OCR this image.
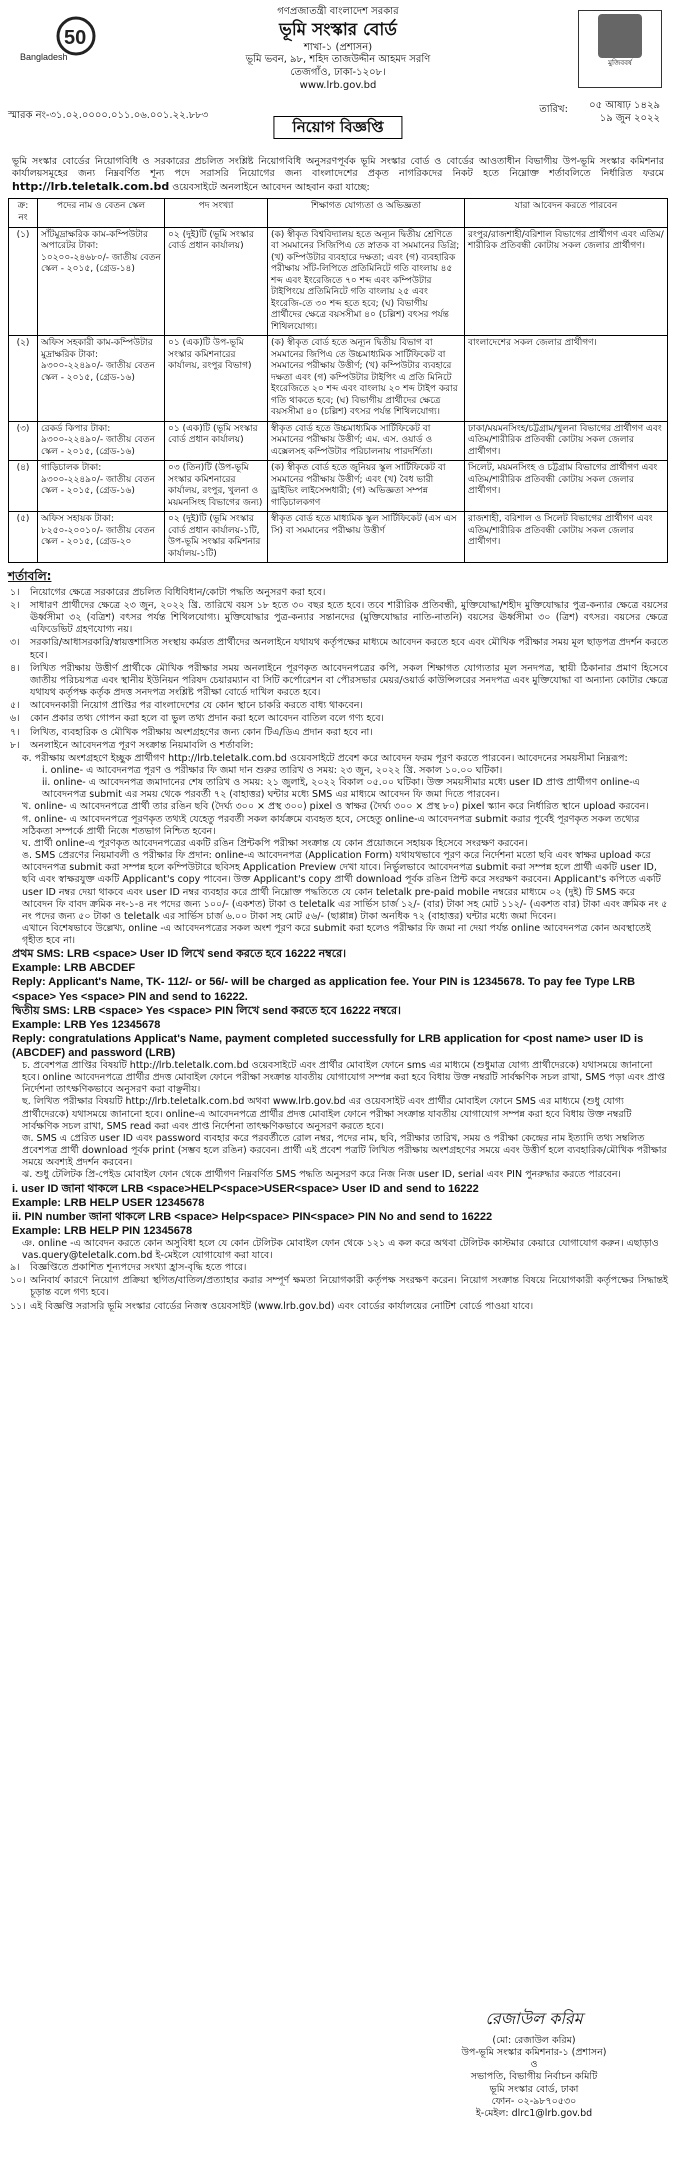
50
Bangladesh
মুজিববর্ষ
গণপ্রজাতন্ত্রী বাংলাদেশ সরকার
ভূমি সংস্কার বোর্ড
শাখা-১ (প্রশাসন)
ভূমি ভবন, ৯৮, শহিদ তাজউদ্দীন আহমদ সরণি
তেজগাঁও, ঢাকা-১২০৮।
www.lrb.gov.bd
স্মারক নং-৩১.০২.০০০০.০১১.০৬.০০১.২২.৮৮৩
তারিখ: ০৫ আষাঢ় ১৪২৯
১৯ জুন ২০২২
নিয়োগ বিজ্ঞপ্তি
ভূমি সংস্কার বোর্ডের নিয়োগবিধি ও সরকারের প্রচলিত সংশ্লিষ্ট নিয়োগবিধি অনুসরণপূর্বক ভূমি সংস্কার বোর্ড ও বোর্ডের আওতাধীন বিভাগীয় উপ-ভূমি সংস্কার কমিশনার কার্যালয়সমূহের জন্য নিম্নবর্ণিত শূন্য পদে সরাসরি নিয়োগের জন্য বাংলাদেশের প্রকৃত নাগরিকদের নিকট হতে নিম্নোক্ত শর্তাবলিতে নির্ধারিত ফরমে http://lrb.teletalk.com.bd ওয়েবসাইটে অনলাইনে আবেদন আহবান করা যাচ্ছে:
ক্র: নং	পদের নাম ও বেতন স্কেল	পদ সংখ্যা	শিক্ষাগত যোগ্যতা ও অভিজ্ঞতা	যারা আবেদন করতে পারবেন
(১)	সাঁটমুদ্রাক্ষরিক কাম-কম্পিউটার অপারেটর টাকা: ১০২০০-২৪৬৮০/- জাতীয় বেতন স্কেল - ২০১৫, (গ্রেড-১৪)	০২ (দুই)টি (ভূমি সংস্কার বোর্ড প্রধান কার্যালয়)	(ক) স্বীকৃত বিশ্ববিদ্যালয় হতে অন্যূন দ্বিতীয় শ্রেণিতে বা সমমানের সিজিপিএ তে স্নাতক বা সমমানের ডিগ্রি; (খ) কম্পিউটার ব্যবহারে দক্ষতা; এবং (গ) ব্যবহারিক পরীক্ষায় সাঁট-লিপিতে প্রতিমিনিটে গতি বাংলায় ৪৫ শব্দ এবং ইংরেজিতে ৭০ শব্দ এবং কম্পিউটার টাইপিংয়ে প্রতিমিনিটে গতি বাংলায় ২৫ এবং ইংরেজি-তে ৩০ শব্দ হতে হবে; (ঘ) বিভাগীয় প্রার্থীদের ক্ষেত্রে বয়সসীমা ৪০ (চল্লিশ) বৎসর পর্যন্ত শিথিলযোগ্য।	রংপুর/রাজশাহী/বরিশাল বিভাগের প্রার্থীগণ এবং এতিম/শারীরিক প্রতিবন্ধী কোটায় সকল জেলার প্রার্থীগণ।
(২)	অফিস সহকারী কাম-কম্পিউটার মুদ্রাক্ষরিক টাকা: ৯৩০০-২২৪৯০/- জাতীয় বেতন স্কেল - ২০১৫, (গ্রেড-১৬)	০১ (এক)টি উপ-ভূমি সংস্কার কমিশনারের কার্যালয়, রংপুর বিভাগ)	(ক) স্বীকৃত বোর্ড হতে অন্যূন দ্বিতীয় বিভাগ বা সমমানের জিপিএ তে উচ্চমাধ্যমিক সার্টিফিকেট বা সমমানের পরীক্ষায় উত্তীর্ণ; (খ) কম্পিউটার ব্যবহারে দক্ষতা এবং (গ) কম্পিউটার টাইপিং এ প্রতি মিনিটে ইংরেজিতে ২০ শব্দ এবং বাংলায় ২০ শব্দ টাইপ করার গতি থাকতে হবে; (ঘ) বিভাগীয় প্রার্থীদের ক্ষেত্রে বয়সসীমা ৪০ (চল্লিশ) বৎসর পর্যন্ত শিথিলযোগ্য।	বাংলাদেশের সকল জেলার প্রার্থীগণ।
(৩)	রেকর্ড কিপার টাকা: ৯৩০০-২২৪৯০/- জাতীয় বেতন স্কেল - ২০১৫, (গ্রেড-১৬)	০১ (এক)টি (ভূমি সংস্কার বোর্ড প্রধান কার্যালয়)	স্বীকৃত বোর্ড হতে উচ্চমাধ্যমিক সার্টিফিকেট বা সমমানের পরীক্ষায় উত্তীর্ণ; এম. এস. ওয়ার্ড ও এক্সেলসহ কম্পিউটার পরিচালনায় পারদর্শিতা।	ঢাকা/ময়মনসিংহ/চট্টগ্রাম/খুলনা বিভাগের প্রার্থীগণ এবং এতিম/শারীরিক প্রতিবন্ধী কোটায় সকল জেলার প্রার্থীগণ।
(৪)	গাড়িচালক টাকা: ৯৩০০-২২৪৯০/- জাতীয় বেতন স্কেল - ২০১৫, (গ্রেড-১৬)	০৩ (তিন)টি (উপ-ভূমি সংস্কার কমিশনারের কার্যালয়, রংপুর, খুলনা ও ময়মনসিংহ বিভাগের জন্য)	(ক) স্বীকৃত বোর্ড হতে জুনিয়র স্কুল সার্টিফিকেট বা সমমানের পরীক্ষায় উত্তীর্ণ; এবং (খ) বৈধ ভারী ড্রাইভিং লাইসেন্সধারী; (গ) অভিজ্ঞতা সম্পন্ন গাড়িচালকগণ	সিলেট, ময়মনসিংহ ও চট্টগ্রাম বিভাগের প্রার্থীগণ এবং এতিম/শারীরিক প্রতিবন্ধী কোটায় সকল জেলার প্রার্থীগণ।
(৫)	অফিস সহায়ক টাকা: ৮২৫০-২০০১০/- জাতীয় বেতন স্কেল - ২০১৫, (গ্রেড-২০	০২ (দুই)টি (ভূমি সংস্কার বোর্ড প্রধান কার্যালয়-১টি, উপ-ভূমি সংস্কার কমিশনার কার্যালয়-১টি)	স্বীকৃত বোর্ড হতে মাধ্যমিক স্কুল সার্টিফিকেট (এস এস সি) বা সমমানের পরীক্ষায় উত্তীর্ণ	রাজশাহী, বরিশাল ও সিলেট বিভাগের প্রার্থীগণ এবং এতিম/শারীরিক প্রতিবন্ধী কোটায় সকল জেলার প্রার্থীগণ।
শর্তাবলি:
১। নিয়োগের ক্ষেত্রে সরকারের প্রচলিত বিধিবিধান/কোটা পদ্ধতি অনুসরণ করা হবে।
২। সাধারণ প্রার্থীদের ক্ষেত্রে ২৩ জুন, ২০২২ খ্রি. তারিখে বয়স ১৮ হতে ৩০ বছর হতে হবে। তবে শারীরিক প্রতিবন্ধী, মুক্তিযোদ্ধা/শহীদ মুক্তিযোদ্ধার পুত্র-কন্যার ক্ষেত্রে বয়সের ঊর্ধ্বসীমা ৩২ (বত্রিশ) বৎসর পর্যন্ত শিথিলযোগ্য। মুক্তিযোদ্ধার পুত্র-কন্যার সন্তানদের (মুক্তিযোদ্ধার নাতি-নাতনি) বয়সের ঊর্ধ্বসীমা ৩০ (ত্রিশ) বৎসর। বয়সের ক্ষেত্রে এফিডেভিট গ্রহণযোগ্য নয়।
৩। সরকারি/আধাসরকারি/স্বায়ত্তশাসিত সংস্থায় কর্মরত প্রার্থীদের অনলাইনে যথাযথ কর্তৃপক্ষের মাধ্যমে আবেদন করতে হবে এবং মৌখিক পরীক্ষার সময় মূল ছাড়পত্র প্রদর্শন করতে হবে।
৪। লিখিত পরীক্ষায় উত্তীর্ণ প্রার্থীকে মৌখিক পরীক্ষার সময় অনলাইনে পূরণকৃত আবেদনপত্রের কপি, সকল শিক্ষাগত যোগ্যতার মূল সনদপত্র, স্থায়ী ঠিকানার প্রমাণ হিসেবে জাতীয় পরিচয়পত্র এবং স্থানীয় ইউনিয়ন পরিষদ চেয়ারম্যান বা সিটি কর্পোরেশন বা পৌরসভার মেয়র/ওয়ার্ড কাউন্সিলরের সনদপত্র এবং মুক্তিযোদ্ধা বা অন্যান্য কোটার ক্ষেত্রে যথাযথ কর্তৃপক্ষ কর্তৃক প্রদত্ত সনদপত্র সংশ্লিষ্ট পরীক্ষা বোর্ডে দাখিল করতে হবে।
৫। আবেদনকারী নিয়োগ প্রাপ্তির পর বাংলাদেশের যে কোন স্থানে চাকরি করতে বাধ্য থাকবেন।
৬। কোন প্রকার তথ্য গোপন করা হলে বা ভুল তথ্য প্রদান করা হলে আবেদন বাতিল বলে গণ্য হবে।
৭। লিখিত, ব্যবহারিক ও মৌখিক পরীক্ষায় অংশগ্রহণের জন্য কোন টিএ/ডিএ প্রদান করা হবে না।
৮। অনলাইনে আবেদনপত্র পূরণ সংক্রান্ত নিয়মাবলি ও শর্তাবলি:
ক. পরীক্ষায় অংশগ্রহণে ইচ্ছুক প্রার্থীগণ http://lrb.teletalk.com.bd ওয়েবসাইটে প্রবেশ করে আবেদন ফরম পূরণ করতে পারবেন। আবেদনের সময়সীমা নিম্নরূপ:
i. online- এ আবেদনপত্র পূরণ ও পরীক্ষার ফি জমা দান শুরুর তারিখ ও সময়: ২৩ জুন, ২০২২ খ্রি. সকাল ১০.০০ ঘটিকা।
ii. online- এ আবেদনপত্র জমাদানের শেষ তারিখ ও সময়: ২১ জুলাই, ২০২২ বিকাল ০৫.০০ ঘটিকা। উক্ত সময়সীমার মধ্যে user ID প্রাপ্ত প্রার্থীগণ online-এ আবেদনপত্র submit এর সময় থেকে পরবর্তী ৭২ (বাহাত্তর) ঘন্টার মধ্যে SMS এর মাধ্যমে আবেদন ফি জমা দিতে পারবেন।
খ. online- এ আবেদনপত্রে প্রার্থী তার রঙিন ছবি (দৈর্ঘ্য ৩০০ × প্রস্থ ৩০০) pixel ও স্বাক্ষর (দৈর্ঘ্য ৩০০ × প্রস্থ ৮০) pixel স্ক্যান করে নির্ধারিত স্থানে upload করবেন।
গ. online- এ আবেদনপত্রে পূরণকৃত তথ্যই যেহেতু পরবর্তী সকল কার্যক্রমে ব্যবহৃত হবে, সেহেতু online-এ আবেদনপত্র submit করার পূর্বেই পূরণকৃত সকল তথ্যের সঠিকতা সম্পর্কে প্রার্থী নিজে শতভাগ নিশ্চিত হবেন।
ঘ. প্রার্থী online-এ পূরণকৃত আবেদনপত্রের একটি রঙিন প্রিন্টকপি পরীক্ষা সংক্রান্ত যে কোন প্রয়োজনে সহায়ক হিসেবে সংরক্ষণ করবেন।
ঙ. SMS প্রেরণের নিয়মাবলী ও পরীক্ষার ফি প্রদান: online-এ আবেদনপত্র (Application Form) যথাযথভাবে পূরণ করে নির্দেশনা মতো ছবি এবং স্বাক্ষর upload করে আবেদনপত্র submit করা সম্পন্ন হলে কম্পিউটারে ছবিসহ Application Preview দেখা যাবে। নির্ভুলভাবে আবেদনপত্র submit করা সম্পন্ন হলে প্রার্থী একটি user ID, ছবি এবং স্বাক্ষরযুক্ত একটি Applicant's copy পাবেন। উক্ত Applicant's copy প্রার্থী download পূর্বক রঙিন প্রিন্ট করে সংরক্ষণ করবেন। Applicant's কপিতে একটি user ID নম্বর দেয়া থাকবে এবং user ID নম্বর ব্যবহার করে প্রার্থী নিম্নোক্ত পদ্ধতিতে যে কোন teletalk pre-paid mobile নম্বরের মাধ্যমে ০২ (দুই) টি SMS করে আবেদন ফি বাবদ ক্রমিক নং-১-৪ নং পদের জন্য ১০০/- (একশত) টাকা ও teletalk এর সার্ভিস চার্জ ১২/- (বার) টাকা সহ মোট ১১২/- (একশত বার) টাকা এবং ক্রমিক নং ৫ নং পদের জন্য ৫০ টাকা ও teletalk এর সার্ভিস চার্জ ৬.০০ টাকা সহ মোট ৫৬/- (ছাপ্পান্ন) টাকা অনধিক ৭২ (বাহাত্তর) ঘন্টার মধ্যে জমা দিবেন।
এখানে বিশেষভাবে উল্লেখ্য, online -এ আবেদনপত্রের সকল অংশ পূরণ করে submit করা হলেও পরীক্ষার ফি জমা না দেয়া পর্যন্ত online আবেদনপত্র কোন অবস্থাতেই গৃহীত হবে না।
প্রথম SMS: LRB <space> User ID লিখে send করতে হবে 16222 নম্বরে।
Example: LRB ABCDEF
Reply: Applicant's Name, TK- 112/- or 56/- will be charged as application fee. Your PIN is 12345678. To pay fee Type LRB <space> Yes <space> PIN and send to 16222.
দ্বিতীয় SMS: LRB <space> Yes <space> PIN লিখে send করতে হবে 16222 নম্বরে।
Example: LRB Yes 12345678
Reply: congratulations Applicat's Name, payment completed successfully for LRB application for <post name> user ID is (ABCDEF) and password (LRB)
চ. প্রবেশপত্র প্রাপ্তির বিষয়টি http://lrb.teletalk.com.bd ওয়েবসাইটে এবং প্রার্থীর মোবাইল ফোনে sms এর মাধ্যমে (শুধুমাত্র যোগ্য প্রার্থীদেরকে) যথাসময়ে জানানো হবে। online আবেদনপত্রে প্রার্থীর প্রদত্ত মোবাইল ফোনে পরীক্ষা সংক্রান্ত যাবতীয় যোগাযোগ সম্পন্ন করা হবে বিধায় উক্ত নম্বরটি সার্বক্ষণিক সচল রাখা, SMS পড়া এবং প্রাপ্ত নির্দেশনা তাৎক্ষণিকভাবে অনুসরণ করা বাঞ্ছনীয়।
ছ. লিখিত পরীক্ষার বিষয়টি http://lrb.teletalk.com.bd অথবা www.lrb.gov.bd এর ওয়েবসাইট এবং প্রার্থীর মোবাইল ফোনে SMS এর মাধ্যমে (শুধু যোগ্য প্রার্থীদেরকে) যথাসময়ে জানানো হবে। online-এ আবেদনপত্রে প্রার্থীর প্রদত্ত মোবাইল ফোনে পরীক্ষা সংক্রান্ত যাবতীয় যোগাযোগ সম্পন্ন করা হবে বিধায় উক্ত নম্বরটি সার্বক্ষণিক সচল রাখা, SMS read করা এবং প্রাপ্ত নির্দেশনা তাৎক্ষণিকভাবে অনুসরণ করতে হবে।
জ. SMS এ প্রেরিত user ID এবং password ব্যবহার করে পরবর্তীতে রোল নম্বর, পদের নাম, ছবি, পরীক্ষার তারিখ, সময় ও পরীক্ষা কেন্দ্রের নাম ইত্যাদি তথ্য সম্বলিত প্রবেশপত্র প্রার্থী download পূর্বক print (সম্ভব হলে রঙিন) করবেন। প্রার্থী এই প্রবেশ পত্রটি লিখিত পরীক্ষায় অংশগ্রহণের সময়ে এবং উত্তীর্ণ হলে ব্যবহারিক/মৌখিক পরীক্ষার সময়ে অবশ্যই প্রদর্শন করবেন।
ঝ. শুধু টেলিটক প্রি-পেইড মোবাইল ফোন থেকে প্রার্থীগণ নিম্নবর্ণিত SMS পদ্ধতি অনুসরণ করে নিজ নিজ user ID, serial এবং PIN পুনরুদ্ধার করতে পারবেন।
i. user ID জানা থাকলে LRB <space>HELP<space>USER<space> User ID and send to 16222
Example: LRB HELP USER 12345678
ii. PIN number জানা থাকলে LRB <space> Help<space> PIN<space> PIN No and send to 16222
Example: LRB HELP PIN 12345678
ঞ. online -এ আবেদন করতে কোন অসুবিধা হলে যে কোন টেলিটক মোবাইল ফোন থেকে ১২১ এ কল করে অথবা টেলিটক কাস্টমার কেয়ারে যোগাযোগ করুন। এছাড়াও vas.query@teletalk.com.bd ই-মেইলে যোগাযোগ করা যাবে।
৯। বিজ্ঞপ্তিতে প্রকাশিত শূন্যপদের সংখ্যা হ্রাস-বৃদ্ধি হতে পারে।
১০। অনিবার্য কারণে নিয়োগ প্রক্রিয়া স্থগিত/বাতিল/প্রত্যাহার করার সম্পূর্ণ ক্ষমতা নিয়োগকারী কর্তৃপক্ষ সংরক্ষণ করেন। নিয়োগ সংক্রান্ত বিষয়ে নিয়োগকারী কর্তৃপক্ষের সিদ্ধান্তই চূড়ান্ত বলে গণ্য হবে।
১১। এই বিজ্ঞপ্তি সরাসরি ভূমি সংস্কার বোর্ডের নিজস্ব ওয়েবসাইট (www.lrb.gov.bd) এবং বোর্ডের কার্যালয়ের নোটিশ বোর্ডে পাওয়া যাবে।
রেজাউল করিম
(মো: রেজাউল করিম)
উপ-ভূমি সংস্কার কমিশনার-১ (প্রশাসন)
ও
সভাপতি, বিভাগীয় নির্বাচন কমিটি
ভূমি সংস্কার বোর্ড, ঢাকা
ফোন- ০২-৯৮৭০৫৩০
ই-মেইল: dlrc1@lrb.gov.bd
